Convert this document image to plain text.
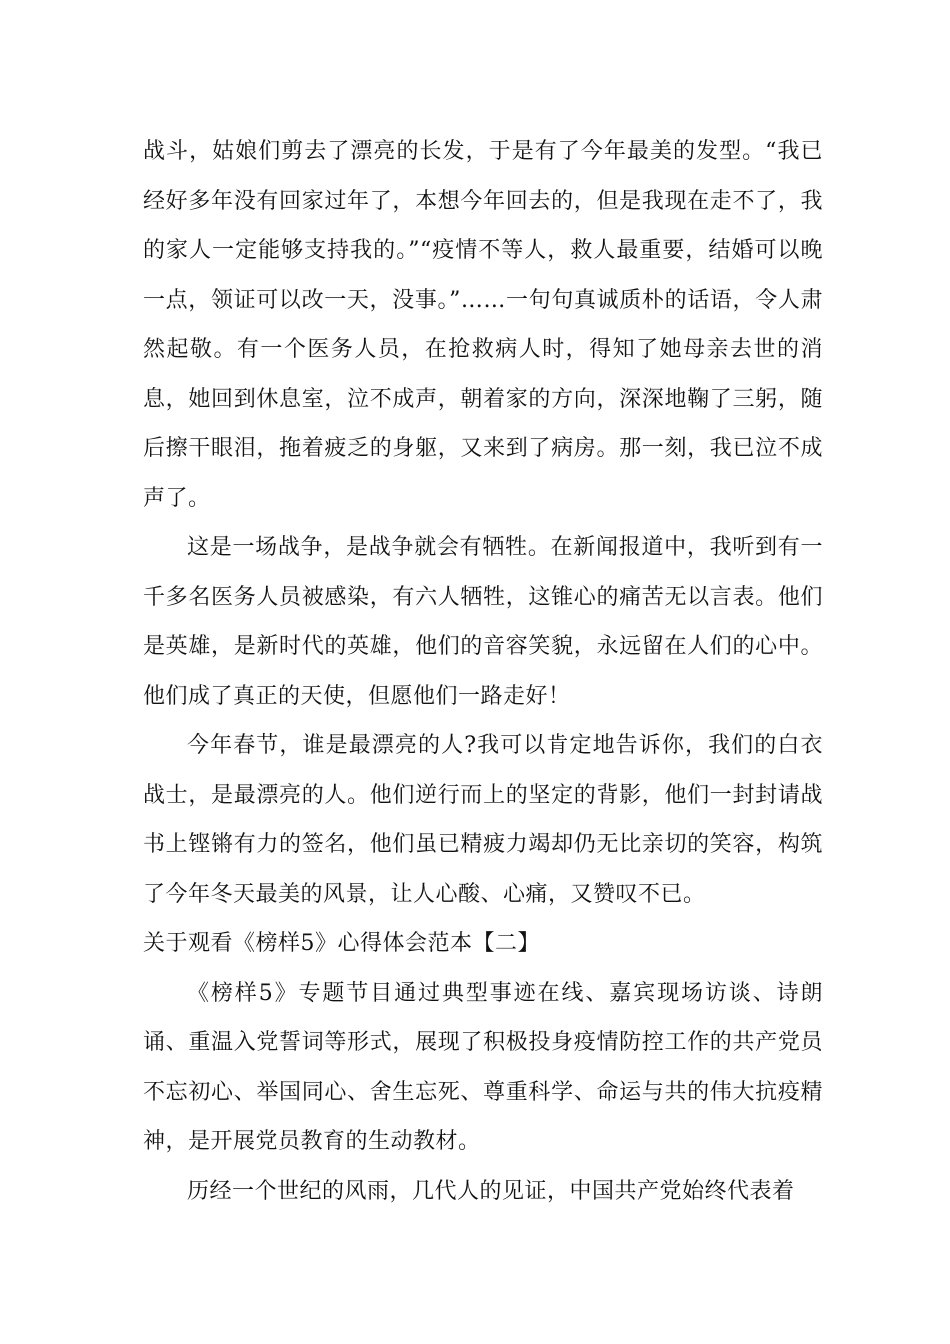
战斗，姑娘们剪去了漂亮的长发，于是有了今年最美的发型。“我已经好多年没有回家过年了，本想今年回去的，但是我现在走不了，我的家人一定能够支持我的。”“疫情不等人，救人最重要，结婚可以晚一点，领证可以改一天，没事。”……一句句真诚质朴的话语，令人肃然起敬。有一个医务人员，在抢救病人时，得知了她母亲去世的消息，她回到休息室，泣不成声，朝着家的方向，深深地鞠了三躬，随后擦干眼泪，拖着疲乏的身躯，又来到了病房。那一刻，我已泣不成声了。

这是一场战争，是战争就会有牺牲。在新闻报道中，我听到有一千多名医务人员被感染，有六人牺牲，这锥心的痛苦无以言表。他们是英雄，是新时代的英雄，他们的音容笑貌，永远留在人们的心中。他们成了真正的天使，但愿他们一路走好！

今年春节，谁是最漂亮的人?我可以肯定地告诉你，我们的白衣战士，是最漂亮的人。他们逆行而上的坚定的背影，他们一封封请战书上铿锵有力的签名，他们虽已精疲力竭却仍无比亲切的笑容，构筑了今年冬天最美的风景，让人心酸、心痛，又赞叹不已。

关于观看《榜样5》心得体会范本【二】

《榜样5》专题节目通过典型事迹在线、嘉宾现场访谈、诗朗诵、重温入党誓词等形式，展现了积极投身疫情防控工作的共产党员不忘初心、举国同心、舍生忘死、尊重科学、命运与共的伟大抗疫精神，是开展党员教育的生动教材。

历经一个世纪的风雨，几代人的见证，中国共产党始终代表着
